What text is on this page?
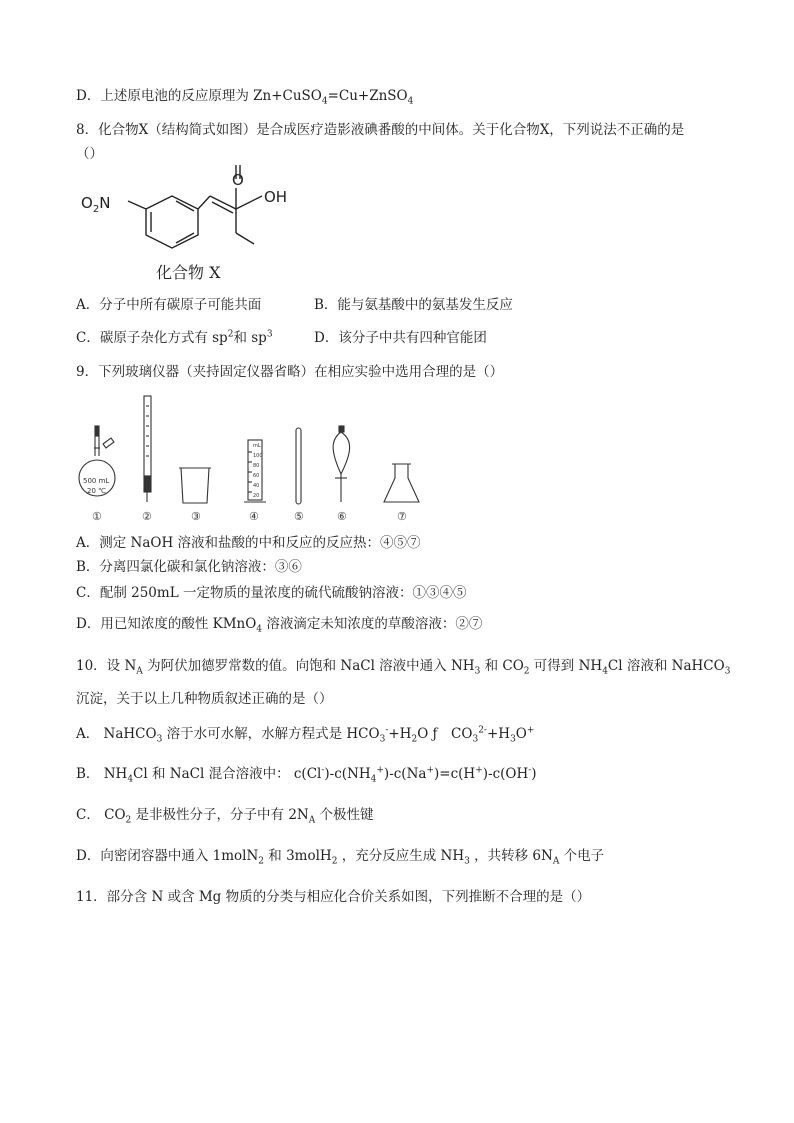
D．上述原电池的反应原理为 Zn+CuSO$_4$=Cu+ZnSO$_4$
8．化合物X（结构简式如图）是合成医疗造影液碘番酸的中间体。关于化合物X，下列说法不正确的是
（）
$O_2N$
O
OH
化合物 X
A．分子中所有碳原子可能共面	B．能与氨基酸中的氨基发生反应
C．碳原子杂化方式有 $sp^2$和 $sp^3$	D．该分子中共有四种官能团
9．下列玻璃仪器（夹持固定仪器省略）在相应实验中选用合理的是（）
500 mL
20 ℃
mL
100
80
60
40
20
①	②	③	④	⑤	⑥	⑦
A．测定 NaOH 溶液和盐酸的中和反应的反应热：④⑤⑦
B．分离四氯化碳和氯化钠溶液：③⑥
C．配制 250mL 一定物质的量浓度的硫代硫酸钠溶液：①③④⑤
D．用已知浓度的酸性 KMnO$_4$ 溶液滴定未知浓度的草酸溶液：②⑦
10．设 $N_A$ 为阿伏加德罗常数的值。向饱和 NaCl 溶液中通入 $NH_3$ 和 $CO_2$ 可得到 $NH_4Cl$ 溶液和 NaHCO$_3$
沉淀，关于以上几种物质叙述正确的是（）
A． NaHCO$_3$ 溶于水可水解，水解方程式是 $HCO_3^-+H_2O$ ƒ　$CO_3^{2-}+H_3O^+$
B． $NH_4Cl$ 和 NaCl 混合溶液中： $c(Cl^-)-c(NH_4^+)-c(Na^+)=c(H^+)-c(OH^-)$
C． $CO_2$ 是非极性分子，分子中有 $2N_A$ 个极性键
D．向密闭容器中通入 1molN$_2$ 和 3molH$_2$ ，充分反应生成 $NH_3$ ，共转移 $6N_A$ 个电子
11．部分含 N 或含 Mg 物质的分类与相应化合价关系如图，下列推断不合理的是（）
